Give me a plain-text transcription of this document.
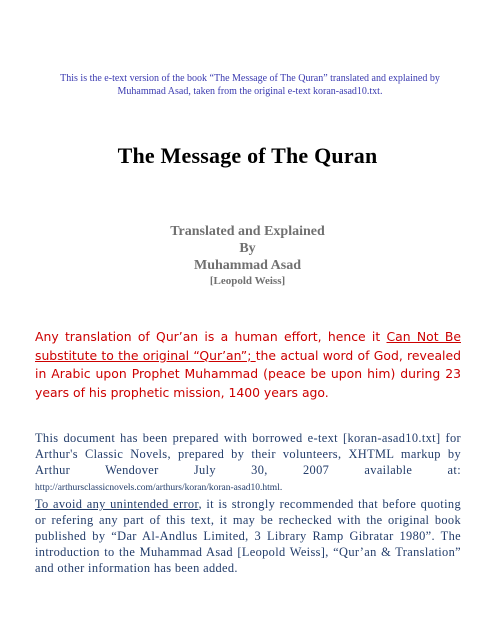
This is the e-text version of the book “The Message of The Quran” translated and explained by
Muhammad Asad, taken from the original e-text koran-asad10.txt.
The Message of The Quran
Translated and Explained
By
Muhammad Asad
[Leopold Weiss]
Any translation of Qur’an is a human effort, hence it Can Not Be substitute to the original “Qur’an”; the actual word of God, revealed in Arabic upon Prophet Muhammad (peace be upon him) during 23 years of his prophetic mission, 1400 years ago.

This document has been prepared with borrowed e-text [koran-asad10.txt] for Arthur's Classic Novels, prepared by their volunteers, XHTML markup by Arthur Wendover July 30, 2007 available at: http://arthursclassicnovels.com/arthurs/koran/koran-asad10.html.

To avoid any unintended error, it is strongly recommended that before quoting or refering any part of this text, it may be rechecked with the original book published by “Dar Al-Andlus Limited, 3 Library Ramp Gibratar 1980”. The introduction to the Muhammad Asad [Leopold Weiss], “Qur’an & Translation” and other information has been added.
